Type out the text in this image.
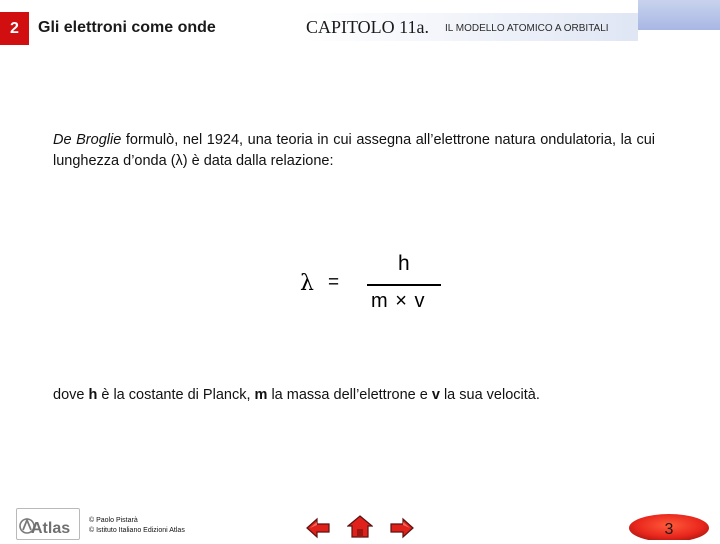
2 Gli elettroni come onde	CAPITOLO 11a. IL MODELLO ATOMICO A ORBITALI
De Broglie formulò, nel 1924, una teoria in cui assegna all’elettrone natura ondulatoria, la cui lunghezza d’onda (λ) è data dalla relazione:
λ =
h
m × v
dove h è la costante di Planck, m la massa dell’elettrone e v la sua velocità.
Atlas	© Paolo Pistarà
© Istituto Italiano Edizioni Atlas	3
